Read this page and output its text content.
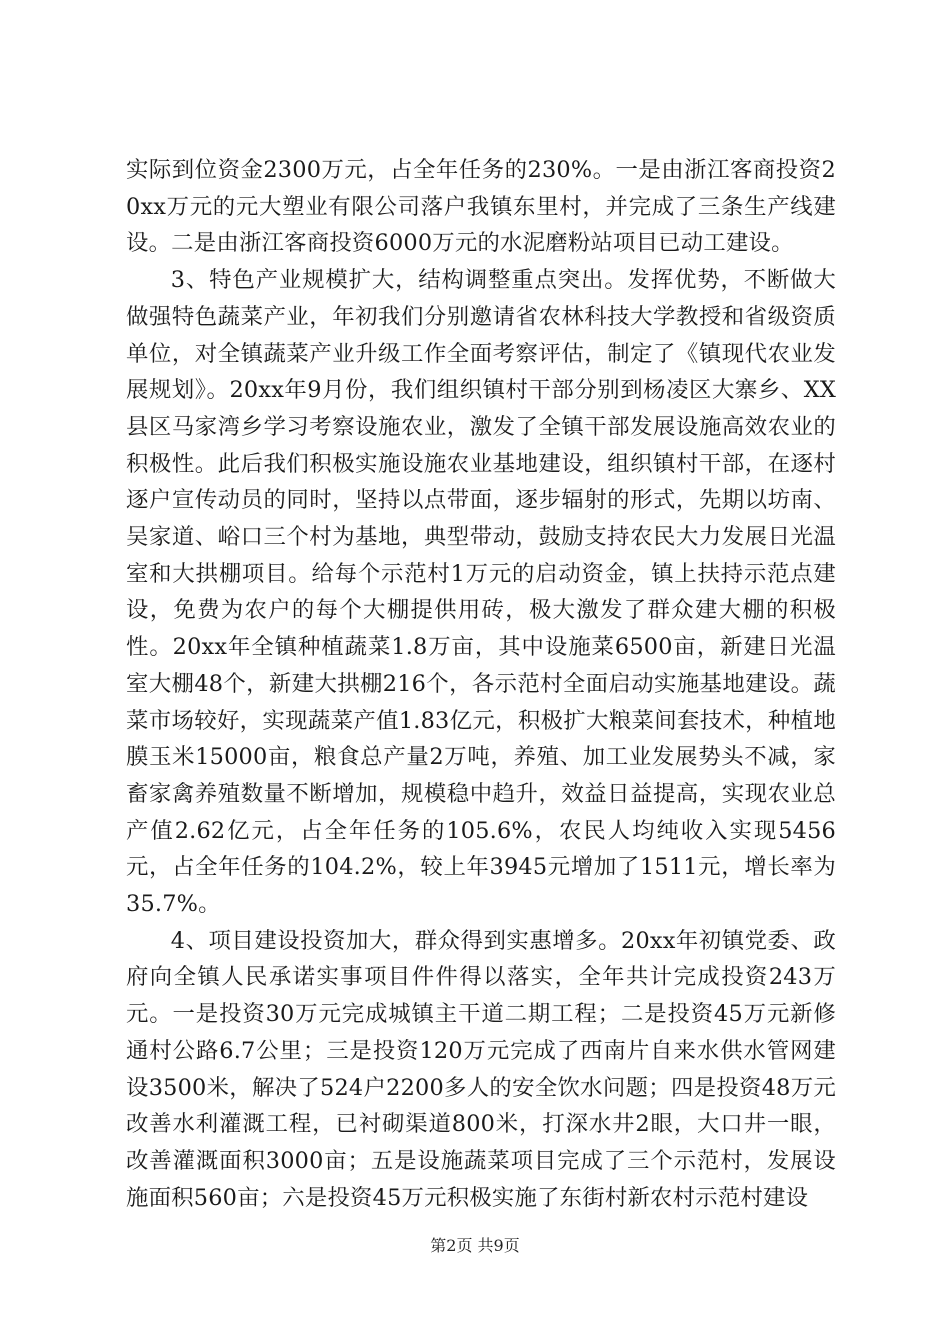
实际到位资金2300万元，占全年任务的230%。一是由浙江客商投资20xx万元的元大塑业有限公司落户我镇东里村，并完成了三条生产线建设。二是由浙江客商投资6000万元的水泥磨粉站项目已动工建设。

3、特色产业规模扩大，结构调整重点突出。发挥优势，不断做大做强特色蔬菜产业，年初我们分别邀请省农林科技大学教授和省级资质单位，对全镇蔬菜产业升级工作全面考察评估，制定了《镇现代农业发展规划》。20xx年9月份，我们组织镇村干部分别到杨凌区大寨乡、XX县区马家湾乡学习考察设施农业，激发了全镇干部发展设施高效农业的积极性。此后我们积极实施设施农业基地建设，组织镇村干部，在逐村逐户宣传动员的同时，坚持以点带面，逐步辐射的形式，先期以坊南、吴家道、峪口三个村为基地，典型带动，鼓励支持农民大力发展日光温室和大拱棚项目。给每个示范村1万元的启动资金，镇上扶持示范点建设，免费为农户的每个大棚提供用砖，极大激发了群众建大棚的积极性。20xx年全镇种植蔬菜1.8万亩，其中设施菜6500亩，新建日光温室大棚48个，新建大拱棚216个，各示范村全面启动实施基地建设。蔬菜市场较好，实现蔬菜产值1.83亿元，积极扩大粮菜间套技术，种植地膜玉米15000亩，粮食总产量2万吨，养殖、加工业发展势头不减，家畜家禽养殖数量不断增加，规模稳中趋升，效益日益提高，实现农业总产值2.62亿元，占全年任务的105.6%，农民人均纯收入实现5456元，占全年任务的104.2%，较上年3945元增加了1511元，增长率为35.7%。

4、项目建设投资加大，群众得到实惠增多。20xx年初镇党委、政府向全镇人民承诺实事项目件件得以落实，全年共计完成投资243万元。一是投资30万元完成城镇主干道二期工程；二是投资45万元新修通村公路6.7公里；三是投资120万元完成了西南片自来水供水管网建设3500米，解决了524户2200多人的安全饮水问题；四是投资48万元改善水利灌溉工程，已衬砌渠道800米，打深水井2眼，大口井一眼，改善灌溉面积3000亩；五是设施蔬菜项目完成了三个示范村，发展设施面积560亩；六是投资45万元积极实施了东街村新农村示范村建设

第2页 共9页
